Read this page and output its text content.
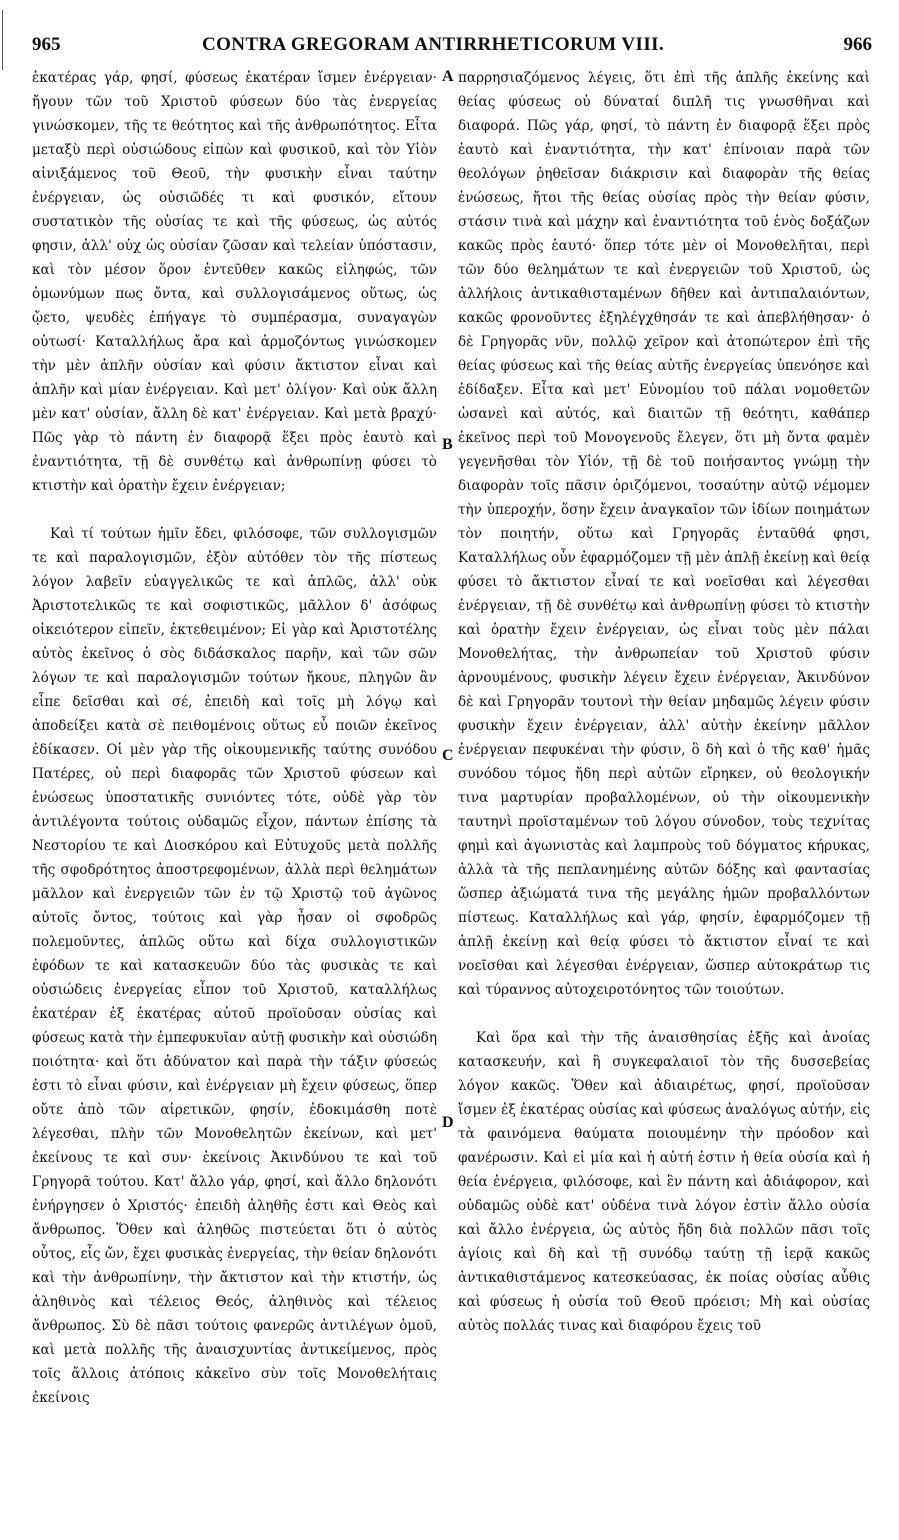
965	CONTRA GREGORAM ANTIRRHETICORUM VIII.	966

ἑκατέρας γάρ, φησί, φύσεως ἑκατέραν ἴσμεν ἐνέργειαν· ἤγουν τῶν τοῦ Χριστοῦ φύσεων δύο τὰς ἐνεργείας γινώσκομεν, τῆς τε θεότητος καὶ τῆς ἀνθρωπότητος. Εἶτα μεταξὺ περὶ οὐσιώδους εἰπὼν καὶ φυσικοῦ, καὶ τὸν Υἱὸν αἰνιξάμενος τοῦ Θεοῦ, τὴν φυσικὴν εἶναι ταύτην ἐνέργειαν, ὡς οὐσιῶδές τι καὶ φυσικόν, εἴτουν συστατικὸν τῆς οὐσίας τε καὶ τῆς φύσεως, ὡς αὐτός φησιν, ἀλλ' οὐχ ὡς οὐσίαν ζῶσαν καὶ τελείαν ὑπόστασιν, καὶ τὸν μέσον ὅρον ἐντεῦθεν κακῶς εἰληφώς, τῶν ὁμωνύμων πως ὄντα, καὶ συλλογισάμενος οὕτως, ὡς ᾤετο, ψευδὲς ἐπήγαγε τὸ συμπέρασμα, συναγαγὼν οὑτωσί· Καταλλήλως ἄρα καὶ ἁρμοζόντως γινώσκομεν τὴν μὲν ἁπλῆν οὐσίαν καὶ φύσιν ἄκτιστον εἶναι καὶ ἁπλῆν καὶ μίαν ἐνέργειαν. Καὶ μετ' ὀλίγον· Καὶ οὐκ ἄλλη μὲν κατ' οὐσίαν, ἄλλη δὲ κατ' ἐνέργειαν. Καὶ μετὰ βραχύ· Πῶς γὰρ τὸ πάντη ἐν διαφορᾷ ἕξει πρὸς ἑαυτὸ καὶ ἐναντιότητα, τῇ δὲ συνθέτῳ καὶ ἀνθρωπίνῃ φύσει τὸ κτιστὴν καὶ ὁρατὴν ἔχειν ἐνέργειαν;

Καὶ τί τούτων ἡμῖν ἔδει, φιλόσοφε, τῶν συλλογισμῶν τε καὶ παραλογισμῶν, ἐξὸν αὐτόθεν τὸν τῆς πίστεως λόγον λαβεῖν εὐαγγελικῶς τε καὶ ἁπλῶς, ἀλλ' οὐκ Ἀριστοτελικῶς τε καὶ σοφιστικῶς, μᾶλλον δ' ἀσόφως οἰκειότερον εἰπεῖν, ἐκτεθειμένον; Εἰ γὰρ καὶ Ἀριστοτέλης αὐτὸς ἐκεῖνος ὁ σὸς διδάσκαλος παρῆν, καὶ τῶν σῶν λόγων τε καὶ παραλογισμῶν τούτων ἤκουε, πληγῶν ἂν εἶπε δεῖσθαι καὶ σέ, ἐπειδὴ καὶ τοῖς μὴ λόγῳ καὶ ἀποδείξει κατὰ σὲ πειθομένοις οὕτως εὖ ποιῶν ἐκεῖνος ἐδίκασεν. Οἱ μὲν γὰρ τῆς οἰκουμενικῆς ταύτης συνόδου Πατέρες, οὐ περὶ διαφορᾶς τῶν Χριστοῦ φύσεων καὶ ἑνώσεως ὑποστατικῆς συνιόντες τότε, οὐδὲ γὰρ τὸν ἀντιλέγοντα τούτοις οὐδαμῶς εἶχον, πάντων ἐπίσης τὰ Νεστορίου τε καὶ Διοσκόρου καὶ Εὐτυχοῦς μετὰ πολλῆς τῆς σφοδρότητος ἀποστρεφομένων, ἀλλὰ περὶ θελημάτων μᾶλλον καὶ ἐνεργειῶν τῶν ἐν τῷ Χριστῷ τοῦ ἀγῶνος αὐτοῖς ὄντος, τούτοις καὶ γὰρ ἦσαν οἱ σφοδρῶς πολεμοῦντες, ἁπλῶς οὕτω καὶ δίχα συλλογιστικῶν ἐφόδων τε καὶ κατασκευῶν δύο τὰς φυσικὰς τε καὶ οὐσιώδεις ἐνεργείας εἶπον τοῦ Χριστοῦ, καταλλήλως ἑκατέραν ἐξ ἑκατέρας αὐτοῦ προϊοῦσαν οὐσίας καὶ φύσεως κατὰ τὴν ἐμπεφυκυῖαν αὐτῇ φυσικὴν καὶ οὐσιώδη ποιότητα· καὶ ὅτι ἀδύνατον καὶ παρὰ τὴν τάξιν φύσεώς ἐστι τὸ εἶναι φύσιν, καὶ ἐνέργειαν μὴ ἔχειν φύσεως, ὅπερ οὔτε ἀπὸ τῶν αἱρετικῶν, φησίν, ἐδοκιμάσθη ποτὲ λέγεσθαι, πλὴν τῶν Μονοθελητῶν ἐκείνων, καὶ μετ' ἐκείνους τε καὶ συν· ἐκείνοις Ἀκινδύνου τε καὶ τοῦ Γρηγορᾶ τούτου. Κατ' ἄλλο γάρ, φησί, καὶ ἄλλο δηλονότι ἐνήργησεν ὁ Χριστός· ἐπειδὴ ἀληθῆς ἐστι καὶ Θεὸς καὶ ἄνθρωπος. Ὅθεν καὶ ἀληθῶς πιστεύεται ὅτι ὁ αὐτὸς οὗτος, εἷς ὤν, ἔχει φυσικὰς ἐνεργείας, τὴν θείαν δηλονότι καὶ τὴν ἀνθρωπίνην, τὴν ἄκτιστον καὶ τὴν κτιστήν, ὡς ἀληθινὸς καὶ τέλειος Θεός, ἀληθινὸς καὶ τέλειος ἄνθρωπος. Σὺ δὲ πᾶσι τούτοις φανερῶς ἀντιλέγων ὁμοῦ, καὶ μετὰ πολλῆς τῆς ἀναισχυντίας ἀντικείμενος, πρὸς τοῖς ἄλλοις ἀτόποις κἀκεῖνο σὺν τοῖς Μονοθελήταις ἐκείνοις

A
B
C
D

παρρησιαζόμενος λέγεις, ὅτι ἐπὶ τῆς ἁπλῆς ἐκείνης καὶ θείας φύσεως οὐ δύναταί διπλῆ τις γνωσθῆναι καὶ διαφορά. Πῶς γάρ, φησί, τὸ πάντη ἐν διαφορᾷ ἕξει πρὸς ἑαυτὸ καὶ ἐναντιότητα, τὴν κατ' ἐπίνοιαν παρὰ τῶν θεολόγων ῥηθεῖσαν διάκρισιν καὶ διαφορὰν τῆς θείας ἑνώσεως, ἤτοι τῆς θείας οὐσίας πρὸς τὴν θείαν φύσιν, στάσιν τινὰ καὶ μάχην καὶ ἐναντιότητα τοῦ ἑνὸς δοξάζων κακῶς πρὸς ἑαυτό· ὅπερ τότε μὲν οἱ Μονοθελῆται, περὶ τῶν δύο θελημάτων τε καὶ ἐνεργειῶν τοῦ Χριστοῦ, ὡς ἀλλήλοις ἀντικαθισταμένων δῆθεν καὶ ἀντιπαλαιόντων, κακῶς φρονοῦντες ἐξηλέγχθησάν τε καὶ ἀπεβλήθησαν· ὁ δὲ Γρηγορᾶς νῦν, πολλῷ χεῖρον καὶ ἀτοπώτερον ἐπὶ τῆς θείας φύσεως καὶ τῆς θείας αὐτῆς ἐνεργείας ὑπενόησε καὶ ἐδίδαξεν. Εἶτα καὶ μετ' Εὐνομίου τοῦ πάλαι νομοθετῶν ὡσανεὶ καὶ αὐτός, καὶ διαιτῶν τῇ θεότητι, καθάπερ ἐκεῖνος περὶ τοῦ Μονογενοῦς ἔλεγεν, ὅτι μὴ ὄντα φαμὲν γεγενῆσθαι τὸν Υἱόν, τῇ δὲ τοῦ ποιήσαντος γνώμῃ τὴν διαφορὰν τοῖς πᾶσιν ὁριζόμενοι, τοσαύτην αὐτῷ νέμομεν τὴν ὑπεροχήν, ὅσην ἔχειν ἀναγκαῖον τῶν ἰδίων ποιημάτων τὸν ποιητήν, οὕτω καὶ Γρηγορᾶς ἐνταῦθά φησι, Καταλλήλως οὖν ἐφαρμόζομεν τῇ μὲν ἁπλῇ ἐκείνῃ καὶ θείᾳ φύσει τὸ ἄκτιστον εἶναί τε καὶ νοεῖσθαι καὶ λέγεσθαι ἐνέργειαν, τῇ δὲ συνθέτῳ καὶ ἀνθρωπίνῃ φύσει τὸ κτιστὴν καὶ ὁρατὴν ἔχειν ἐνέργειαν, ὡς εἶναι τοὺς μὲν πάλαι Μονοθελήτας, τὴν ἀνθρωπείαν τοῦ Χριστοῦ φύσιν ἀρνουμένους, φυσικὴν λέγειν ἔχειν ἐνέργειαν, Ἀκινδύνον δὲ καὶ Γρηγορᾶν τουτονὶ τὴν θείαν μηδαμῶς λέγειν φύσιν φυσικὴν ἔχειν ἐνέργειαν, ἀλλ' αὐτὴν ἐκείνην μᾶλλον ἐνέργειαν πεφυκέναι τὴν φύσιν, ὃ δὴ καὶ ὁ τῆς καθ' ἡμᾶς συνόδου τόμος ἤδη περὶ αὐτῶν εἴρηκεν, οὐ θεολογικήν τινα μαρτυρίαν προβαλλομένων, οὐ τὴν οἰκουμενικὴν ταυτηνὶ προϊσταμένων τοῦ λόγου σύνοδον, τοὺς τεχνίτας φημὶ καὶ ἀγωνιστὰς καὶ λαμπροὺς τοῦ δόγματος κήρυκας, ἀλλὰ τὰ τῆς πεπλανημένης αὐτῶν δόξης καὶ φαντασίας ὥσπερ ἀξιώματά τινα τῆς μεγάλης ἡμῶν προβαλλόντων πίστεως. Καταλλήλως καὶ γάρ, φησίν, ἐφαρμόζομεν τῇ ἁπλῇ ἐκείνῃ καὶ θείᾳ φύσει τὸ ἄκτιστον εἶναί τε καὶ νοεῖσθαι καὶ λέγεσθαι ἐνέργειαν, ὥσπερ αὐτοκράτωρ τις καὶ τύραννος αὐτοχειροτόνητος τῶν τοιούτων.

Καὶ ὅρα καὶ τὴν τῆς ἀναισθησίας ἑξῆς καὶ ἀνοίας κατασκευήν, καὶ ἣ συγκεφαλαιοῖ τὸν τῆς δυσσεβείας λόγον κακῶς. Ὅθεν καὶ ἀδιαιρέτως, φησί, προϊοῦσαν ἴσμεν ἐξ ἑκατέρας οὐσίας καὶ φύσεως ἀναλόγως αὐτήν, εἰς τὰ φαινόμενα θαύματα ποιουμένην τὴν πρόοδον καὶ φανέρωσιν. Καὶ εἰ μία καὶ ἡ αὐτή ἐστιν ἡ θεία οὐσία καὶ ἡ θεία ἐνέργεια, φιλόσοφε, καὶ ἓν πάντη καὶ ἀδιάφορον, καὶ οὐδαμῶς οὐδὲ κατ' οὐδένα τινὰ λόγον ἐστὶν ἄλλο οὐσία καὶ ἄλλο ἐνέργεια, ὡς αὐτὸς ἤδη διὰ πολλῶν πᾶσι τοῖς ἁγίοις καὶ δὴ καὶ τῇ συνόδῳ ταύτῃ τῇ ἱερᾷ κακῶς ἀντικαθιστάμενος κατεσκεύασας, ἐκ ποίας οὐσίας αὖθις καὶ φύσεως ἡ οὐσία τοῦ Θεοῦ πρόεισι; Μὴ καὶ οὐσίας αὐτὸς πολλάς τινας καὶ διαφόρου ἔχεις τοῦ
